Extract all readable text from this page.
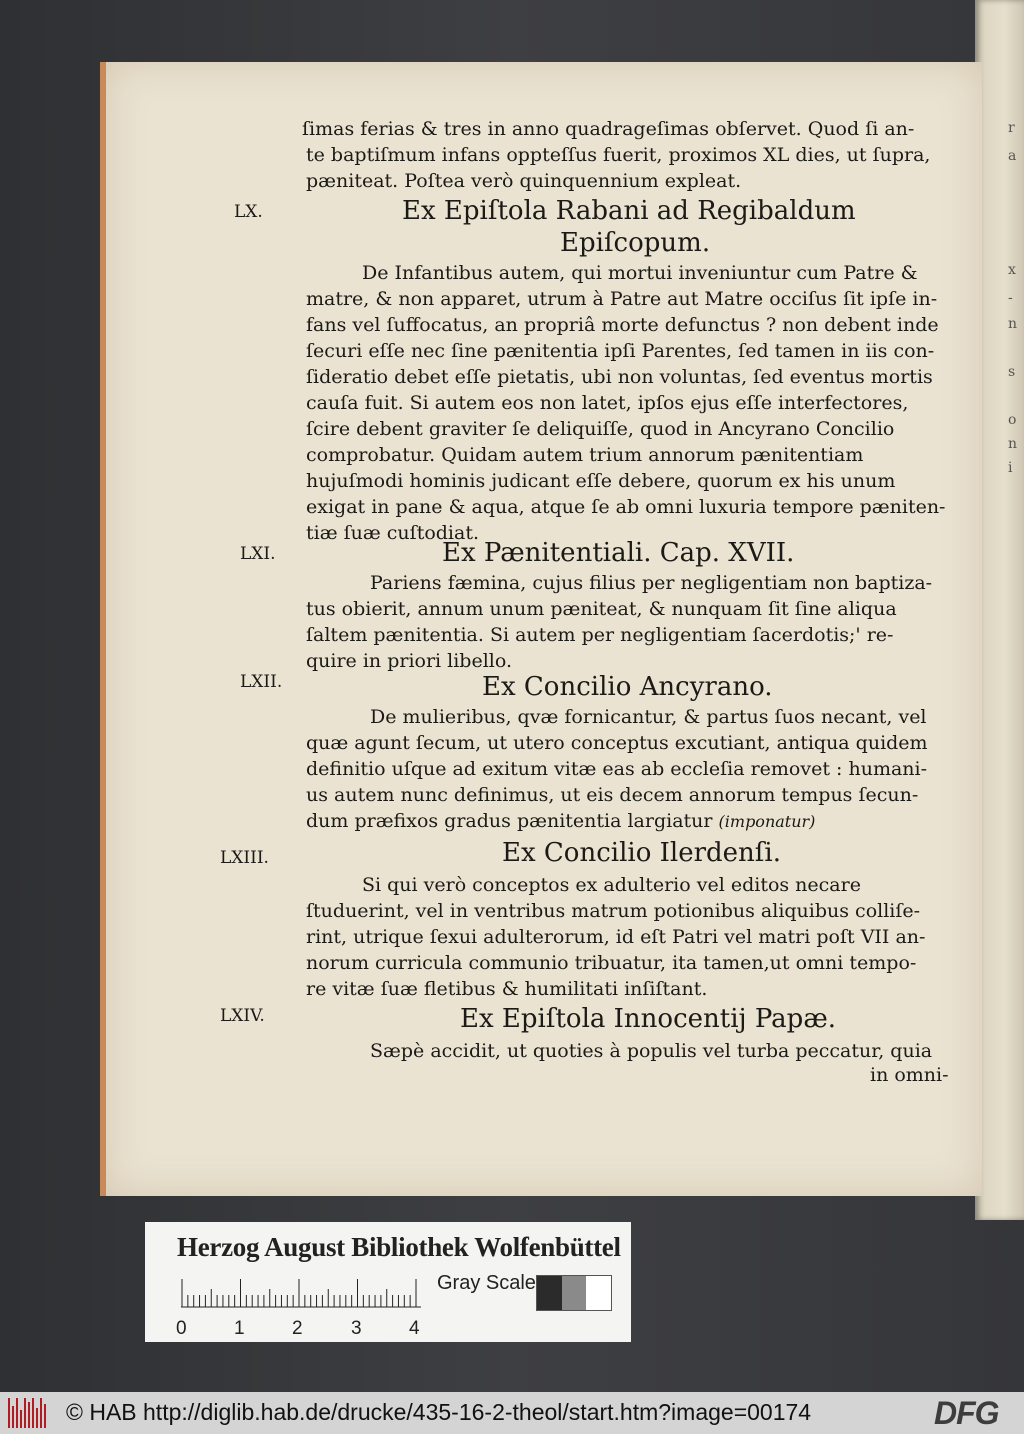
r
a
x
-
n
s
o
n
i
ſimas ferias & tres in anno quadrageſimas obſervet. Quod ſi an-
te baptiſmum infans oppteſſus fuerit, proximos XL dies, ut ſupra,
pæniteat. Poſtea verò quinquennium expleat.
LX.	Ex Epiſtola Rabani ad Regibaldum
Epiſcopum.
De Infantibus autem, qui mortui inveniuntur cum Patre &
matre, & non apparet, utrum à Patre aut Matre occiſus ſit ipſe in-
fans vel ſuffocatus, an propriâ morte defunctus ? non debent inde
ſecuri eſſe nec ſine pænitentia ipſi Parentes, ſed tamen in iis con-
ſideratio debet eſſe pietatis, ubi non voluntas, ſed eventus mortis
cauſa fuit. Si autem eos non latet, ipſos ejus eſſe interfectores,
ſcire debent graviter ſe deliquiſſe, quod in Ancyrano Concilio
comprobatur. Quidam autem trium annorum pænitentiam
hujuſmodi hominis judicant eſſe debere, quorum ex his unum
exigat in pane & aqua, atque ſe ab omni luxuria tempore pæniten-
tiæ ſuæ cuſtodiat.
LXI.	Ex Pænitentiali. Cap. XVII.
Pariens fæmina, cujus filius per negligentiam non baptiza-
tus obierit, annum unum pæniteat, & nunquam ſit ſine aliqua
ſaltem pænitentia. Si autem per negligentiam ſacerdotis;' re-
quire in priori libello.
LXII.	Ex Concilio Ancyrano.
De mulieribus, qvæ fornicantur, & partus ſuos necant, vel
quæ agunt ſecum, ut utero conceptus excutiant, antiqua quidem
definitio uſque ad exitum vitæ eas ab eccleſia removet : humani-
us autem nunc definimus, ut eis decem annorum tempus ſecun-
dum præfixos gradus pænitentia largiatur (imponatur)
LXIII.	Ex Concilio Ilerdenſi.
Si qui verò conceptos ex adulterio vel editos necare
ſtuduerint, vel in ventribus matrum potionibus aliquibus colliſe-
rint, utrique ſexui adulterorum, id eſt Patri vel matri poſt VII an-
norum curricula communio tribuatur, ita tamen,ut omni tempo-
re vitæ ſuæ fletibus & humilitati inſiſtant.
LXIV.	Ex Epiſtola Innocentij Papæ.
Sæpè accidit, ut quoties à populis vel turba peccatur, quia
in omni-
Herzog August Bibliothek Wolfenbüttel
0 1 2	3 4
Gray Scale
© HAB http://diglib.hab.de/drucke/435-16-2-theol/start.htm?image=00174	DFG
